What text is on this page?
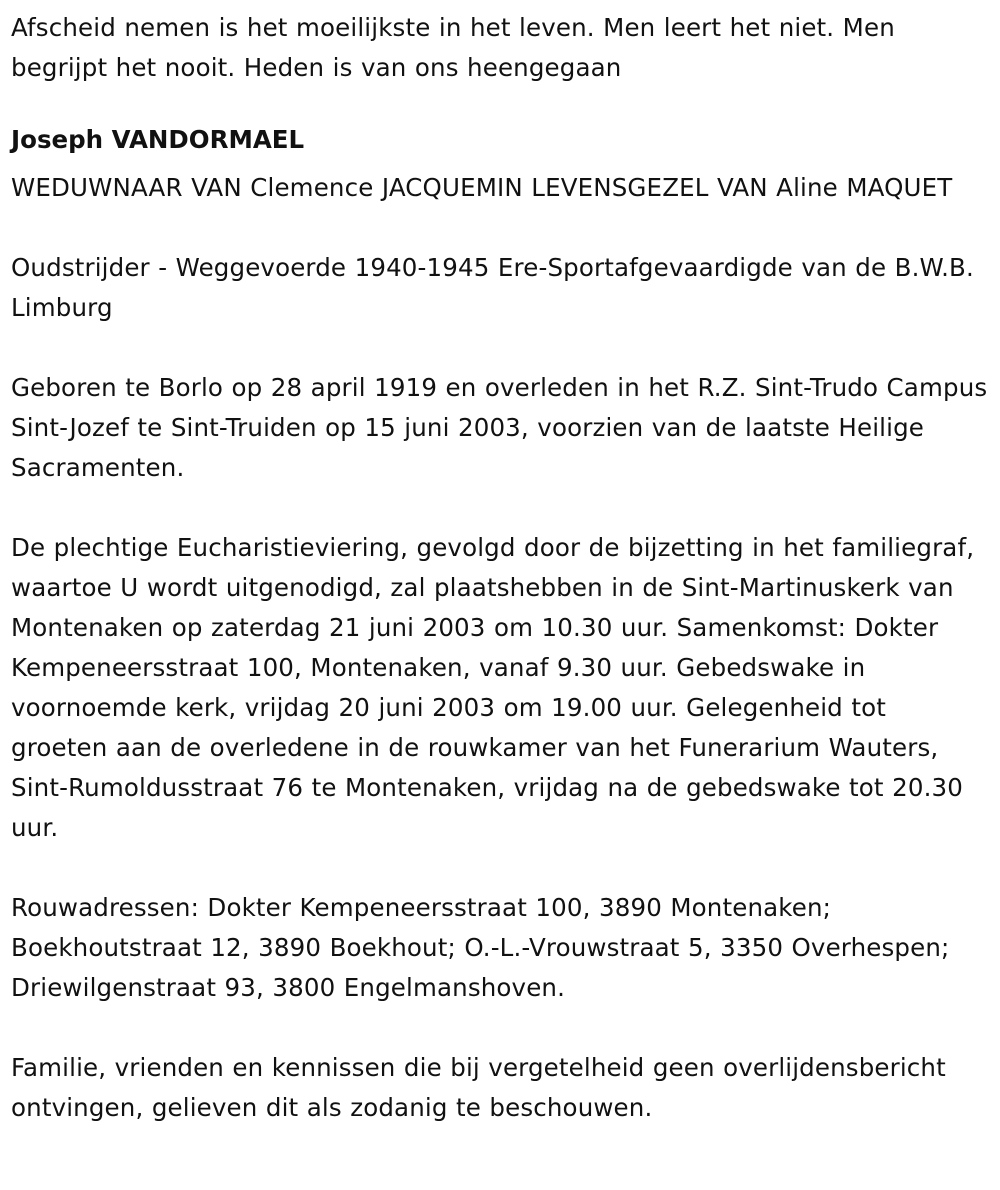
Afscheid nemen is het moeilijkste in het leven. Men leert het niet. Men begrijpt het nooit. Heden is van ons heengegaan

Joseph VANDORMAEL

WEDUWNAAR VAN Clemence JACQUEMIN LEVENSGEZEL VAN Aline MAQUET

Oudstrijder - Weggevoerde 1940-1945 Ere-Sportafgevaardigde van de B.W.B. Limburg

Geboren te Borlo op 28 april 1919 en overleden in het R.Z. Sint-Trudo Campus Sint-Jozef te Sint-Truiden op 15 juni 2003, voorzien van de laatste Heilige Sacramenten.

De plechtige Eucharistieviering, gevolgd door de bijzetting in het familiegraf, waartoe U wordt uitgenodigd, zal plaatshebben in de Sint-Martinuskerk van Montenaken op zaterdag 21 juni 2003 om 10.30 uur. Samenkomst: Dokter Kempeneersstraat 100, Montenaken, vanaf 9.30 uur. Gebedswake in voornoemde kerk, vrijdag 20 juni 2003 om 19.00 uur. Gelegenheid tot groeten aan de overledene in de rouwkamer van het Funerarium Wauters, Sint-Rumoldusstraat 76 te Montenaken, vrijdag na de gebedswake tot 20.30 uur.

Rouwadressen: Dokter Kempeneersstraat 100, 3890 Montenaken; Boekhoutstraat 12, 3890 Boekhout; O.-L.-Vrouwstraat 5, 3350 Overhespen; Driewilgenstraat 93, 3800 Engelmanshoven.

Familie, vrienden en kennissen die bij vergetelheid geen overlijdensbericht ontvingen, gelieven dit als zodanig te beschouwen.
